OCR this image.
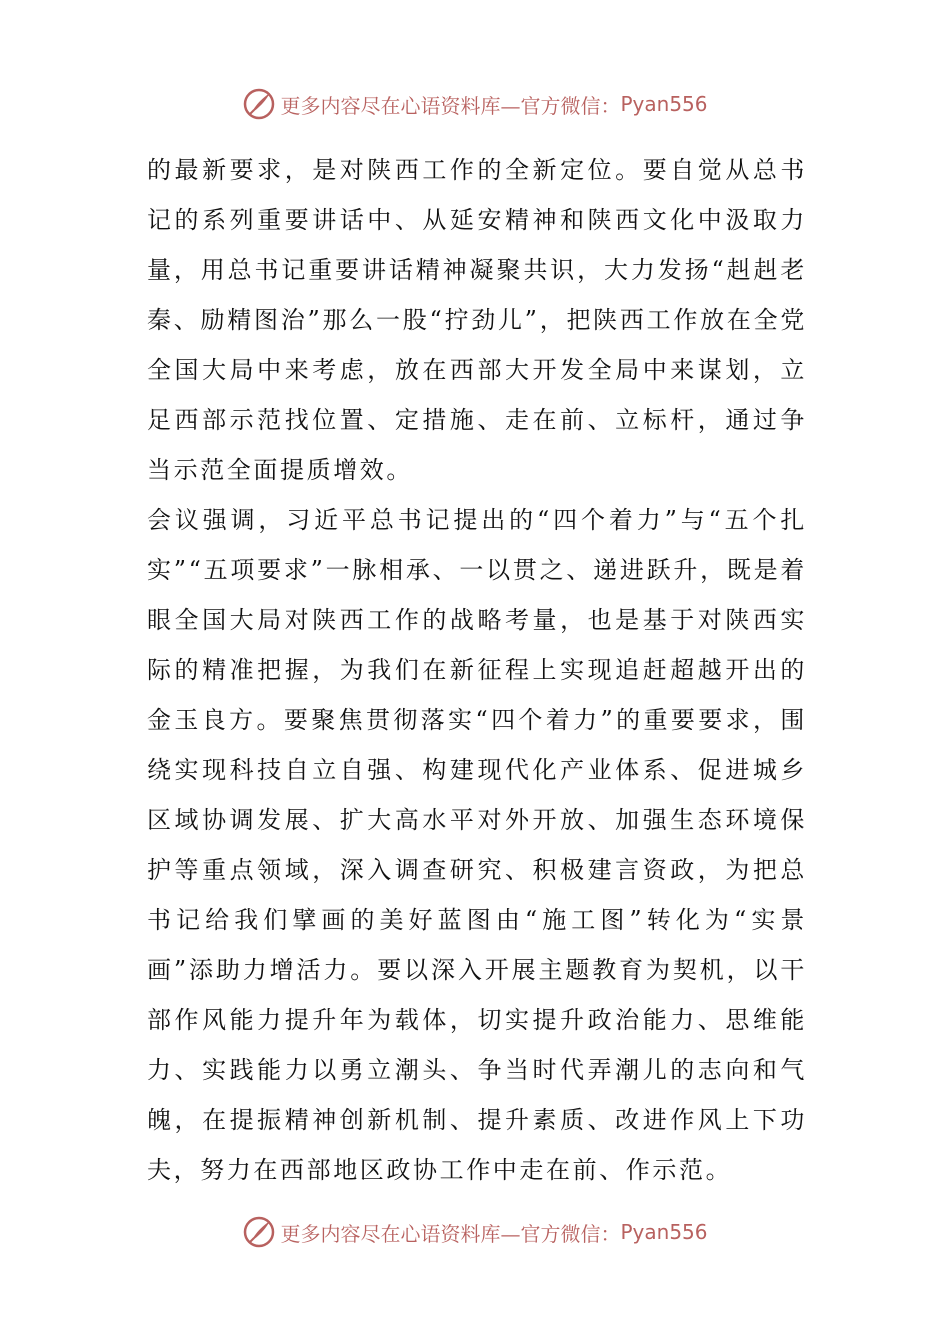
更多内容尽在心语资料库— 官方微信： Pyan556

的最新要求，是对陕西工作的全新定位。要自觉从总书记的系列重要讲话中、从延安精神和陕西文化中汲取力量，用总书记重要讲话精神凝聚共识，大力发扬“赳赳老秦、励精图治”那么一股“拧劲儿”，把陕西工作放在全党全国大局中来考虑，放在西部大开发全局中来谋划，立足西部示范找位置、定措施、走在前、立标杆，通过争当示范全面提质增效。

会议强调，习近平总书记提出的“四个着力”与“五个扎实”“五项要求”一脉相承、一以贯之、递进跃升，既是着眼全国大局对陕西工作的战略考量，也是基于对陕西实际的精准把握，为我们在新征程上实现追赶超越开出的金玉良方。要聚焦贯彻落实“四个着力”的重要要求，围绕实现科技自立自强、构建现代化产业体系、促进城乡区域协调发展、扩大高水平对外开放、加强生态环境保护等重点领域，深入调查研究、积极建言资政，为把总书记给我们擘画的美好蓝图由“施工图”转化为“实景画”添助力增活力。要以深入开展主题教育为契机，以干部作风能力提升年为载体，切实提升政治能力、思维能力、实践能力以勇立潮头、争当时代弄潮儿的志向和气魄，在提振精神创新机制、提升素质、改进作风上下功夫，努力在西部地区政协工作中走在前、作示范。

更多内容尽在心语资料库— 官方微信： Pyan556
